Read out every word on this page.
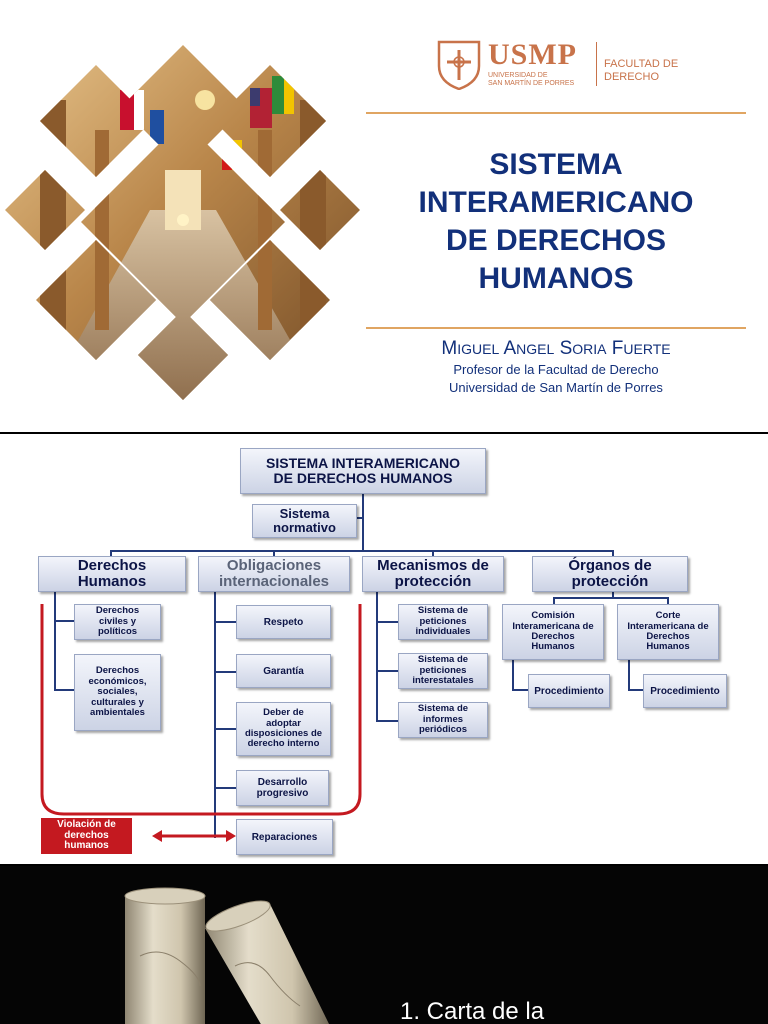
USMP
UNIVERSIDAD DE
SAN MARTÍN DE PORRES
FACULTAD DE
DERECHO
SISTEMA
INTERAMERICANO
DE DERECHOS
HUMANOS
MIGUEL ANGEL SORIA FUERTE
Profesor de la Facultad de Derecho
Universidad de San Martín de Porres
SISTEMA INTERAMERICANO
DE DERECHOS HUMANOS
Sistema
normativo
Derechos
Humanos
Obligaciones
internacionales
Mecanismos de
protección
Órganos de
protección
Derechos
civiles y
políticos
Derechos
económicos,
sociales,
culturales y
ambientales
Respeto
Garantía
Deber de
adoptar
disposiciones de
derecho interno
Desarrollo
progresivo
Reparaciones
Sistema de
peticiones
individuales
Sistema de
peticiones
interestatales
Sistema de
informes
periódicos
Comisión
Interamericana de
Derechos
Humanos
Corte
Interamericana de
Derechos
Humanos
Procedimiento	Procedimiento
Violación de
derechos
humanos
1. Carta de la
